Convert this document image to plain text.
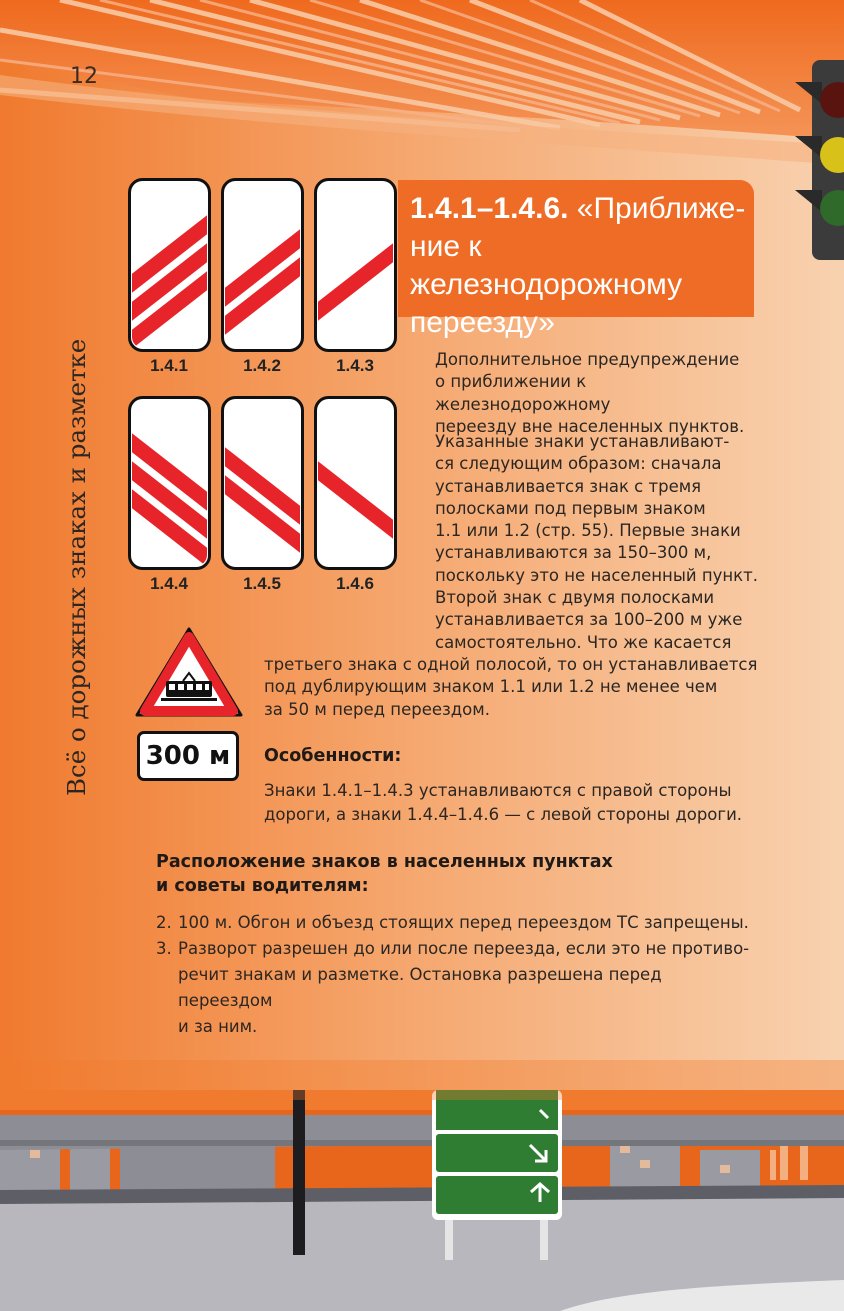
12
Всё о дорожных знаках и разметке
1.4.1–1.4.6. «Приближе-
ние к железнодорожному
переезду»
1.4.1	1.4.2	1.4.3
1.4.4	1.4.5	1.4.6
300 м

Дополнительное предупреждение

о приближении к железнодорожному

переезду вне населенных пунктов.

Указанные знаки устанавливают-

ся следующим образом: сначала

устанавливается знак с тремя

полосками под первым знаком

1.1 или 1.2 (стр. 55). Первые знаки

устанавливаются за 150–300 м,

поскольку это не населенный пункт.

Второй знак с двумя полосками

устанавливается за 100–200 м уже

самостоятельно. Что же касается

третьего знака с одной полосой, то он устанавливается

под дублирующим знаком 1.1 или 1.2 не менее чем

за 50 м перед переездом.

Особенности:

Знаки 1.4.1–1.4.3 устанавливаются с правой стороны

дороги, а знаки 1.4.4–1.4.6 — с левой стороны дороги.

Расположение знаков в населенных пунктах
и советы водителям:
2. 100 м. Обгон и объезд стоящих перед переездом ТС запрещены.
3. Разворот разрешен до или после переезда, если это не противо-
речит знакам и разметке. Остановка разрешена перед переездом
и за ним.
